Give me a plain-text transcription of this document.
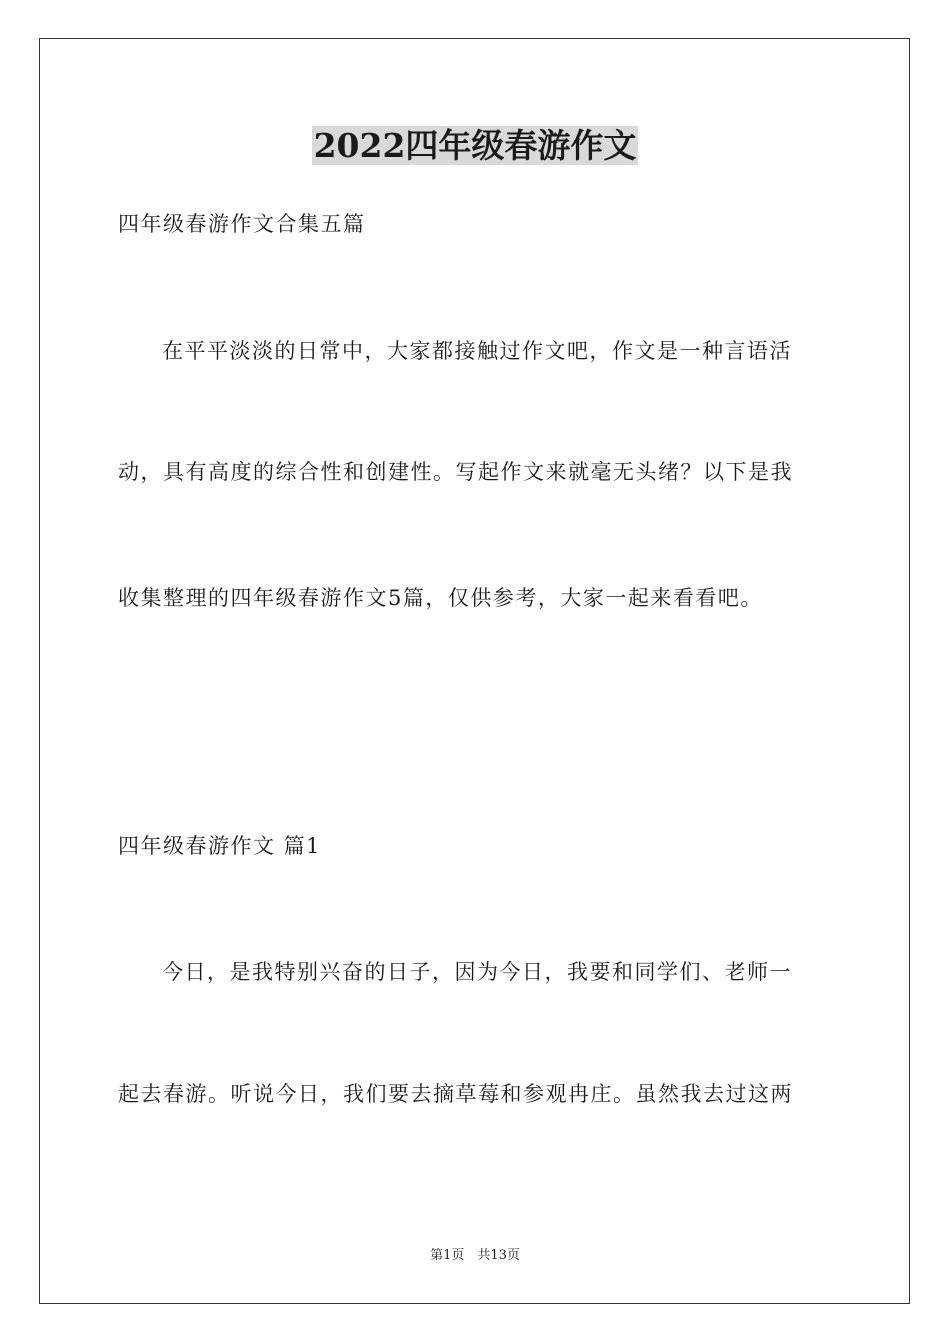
2022四年级春游作文
四年级春游作文合集五篇
在平平淡淡的日常中，大家都接触过作文吧，作文是一种言语活
动，具有高度的综合性和创建性。写起作文来就毫无头绪？以下是我
收集整理的四年级春游作文5篇，仅供参考，大家一起来看看吧。
四年级春游作文 篇1
今日，是我特别兴奋的日子，因为今日，我要和同学们、老师一
起去春游。听说今日，我们要去摘草莓和参观冉庄。虽然我去过这两
第1页　共13页
